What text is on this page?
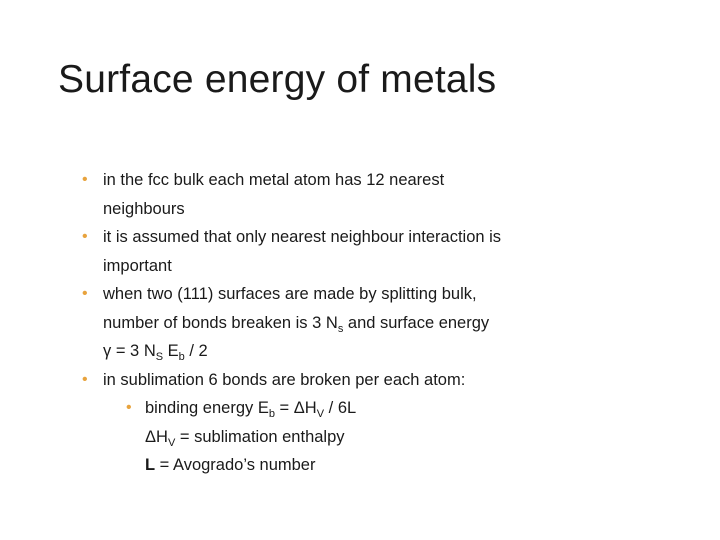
Surface energy of metals
• in the fcc bulk each metal atom has 12 nearest
neighbours
• it is assumed that only nearest neighbour interaction is
important
• when two (111) surfaces are made by splitting bulk,
number of bonds breaken is 3 $N_s$ and surface energy
γ = 3 $N_S$ $E_b / 2$
• in sublimation 6 bonds are broken per each atom:
• binding energy $E_b = \Delta H_V / 6L$
$\Delta H_V$ = sublimation enthalpy
L = Avogrado’s number
